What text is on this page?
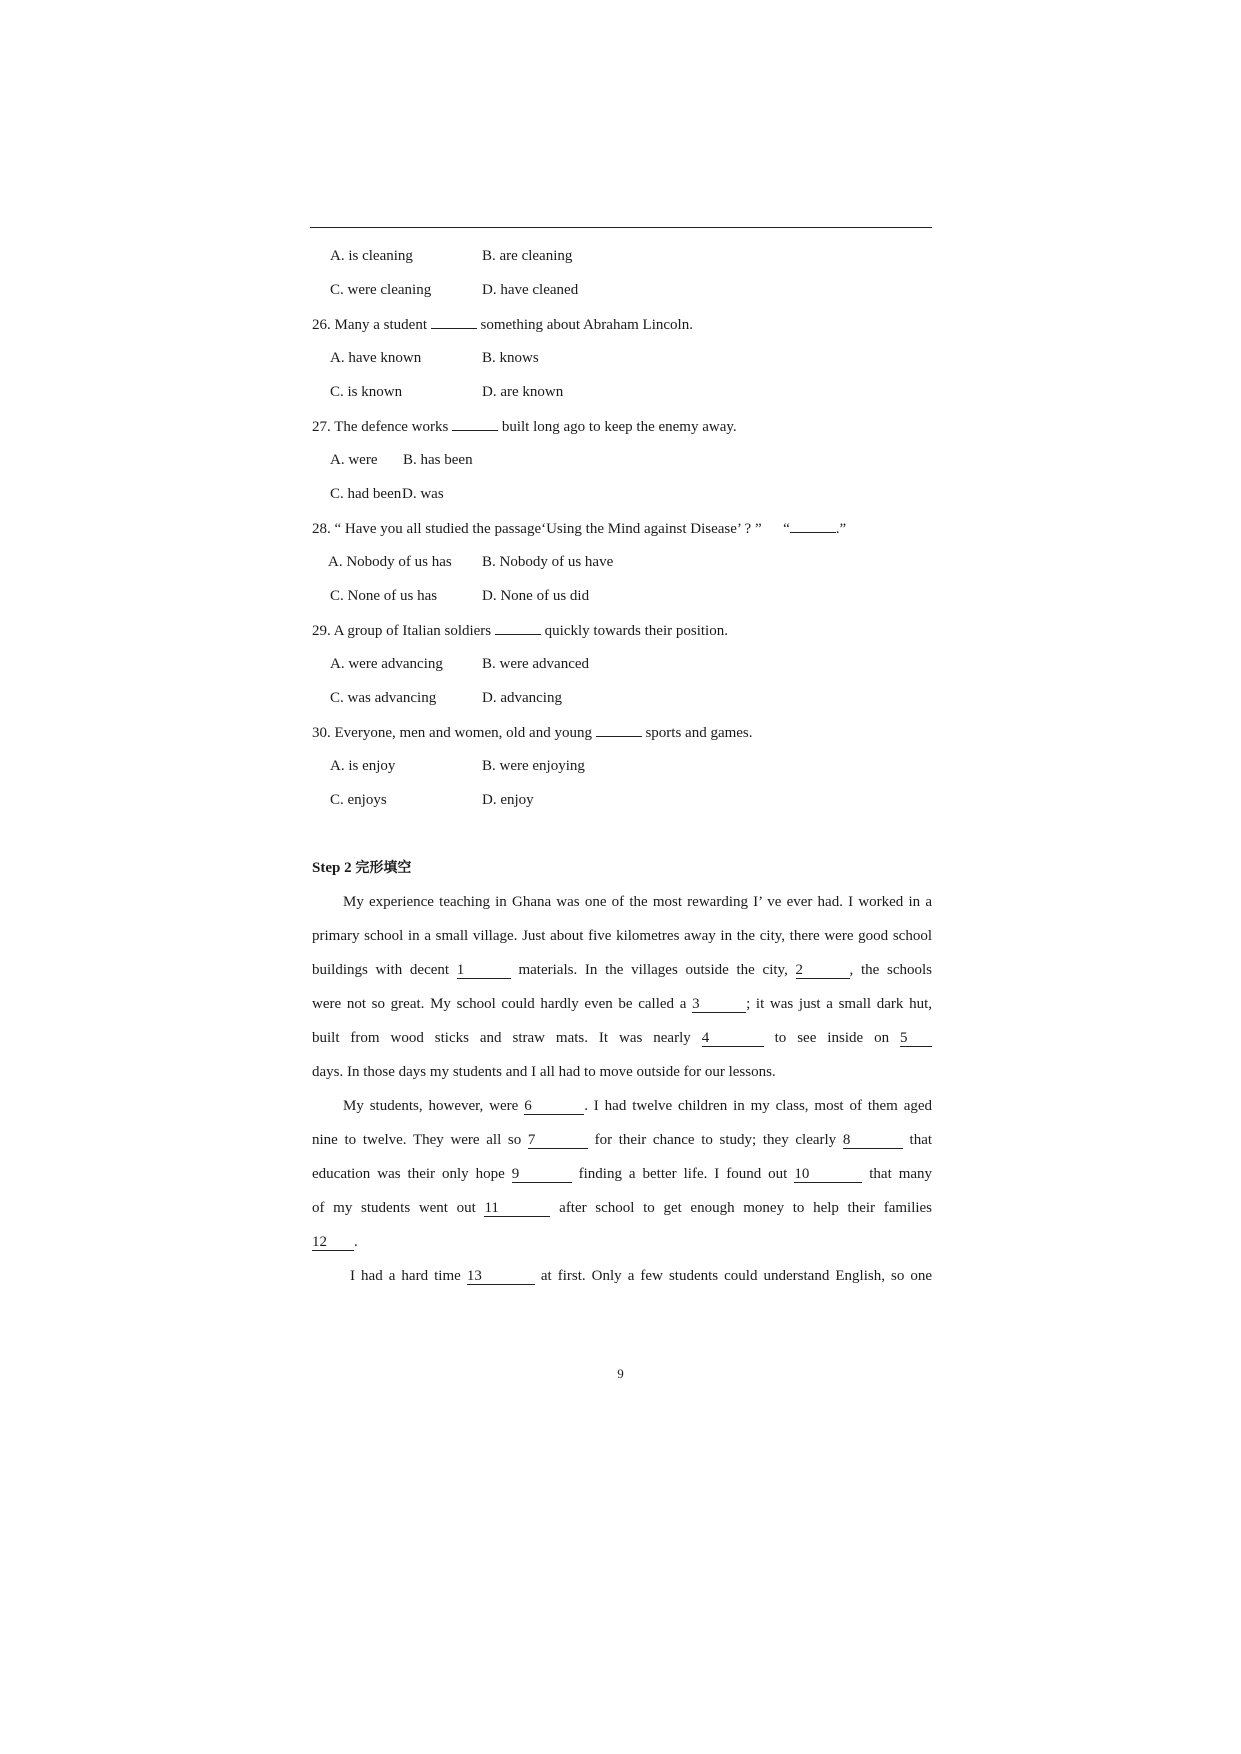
A. is cleaning	B. are cleaning
C. were cleaning	D. have cleaned
26. Many a student	something about Abraham Lincoln.
A. have known	B. knows
C. is known	D. are known
27. The defence works	built long ago to keep the enemy away.
A. were B. has been
C. had been D. was
28. “ Have you all studied the passage‘Using the Mind against Disease’ ? ” “	.”
A. Nobody of us has B. Nobody of us have
C. None of us has	D. None of us did
29. A group of Italian soldiers	quickly towards their position.
A. were advancing	B. were advanced
C. was advancing	D. advancing
30. Everyone, men and women, old and young	sports and games.
A. is enjoy	B. were enjoying
C. enjoys	D. enjoy
Step 2 完形填空
My experience teaching in Ghana was one of the most rewarding I’ ve ever had. I worked in a
primary school in a small village. Just about five kilometres away in the city, there were good school
buildings with decent 1	materials. In the villages outside the city, 2	, the schools
were not so great. My school could hardly even be called a 3	; it was just a small dark hut,
built from wood sticks and straw mats. It was nearly 4	to see inside on 5
days. In those days my students and I all had to move outside for our lessons.
My students, however, were 6	. I had twelve children in my class, most of them aged
nine to twelve. They were all so 7	for their chance to study; they clearly 8	that
education was their only hope 9	finding a better life. I found out 10	that many
of my students went out 11	after school to get enough money to help their families
12 .
I had a hard time 13	at first. Only a few students could understand English, so one
9
